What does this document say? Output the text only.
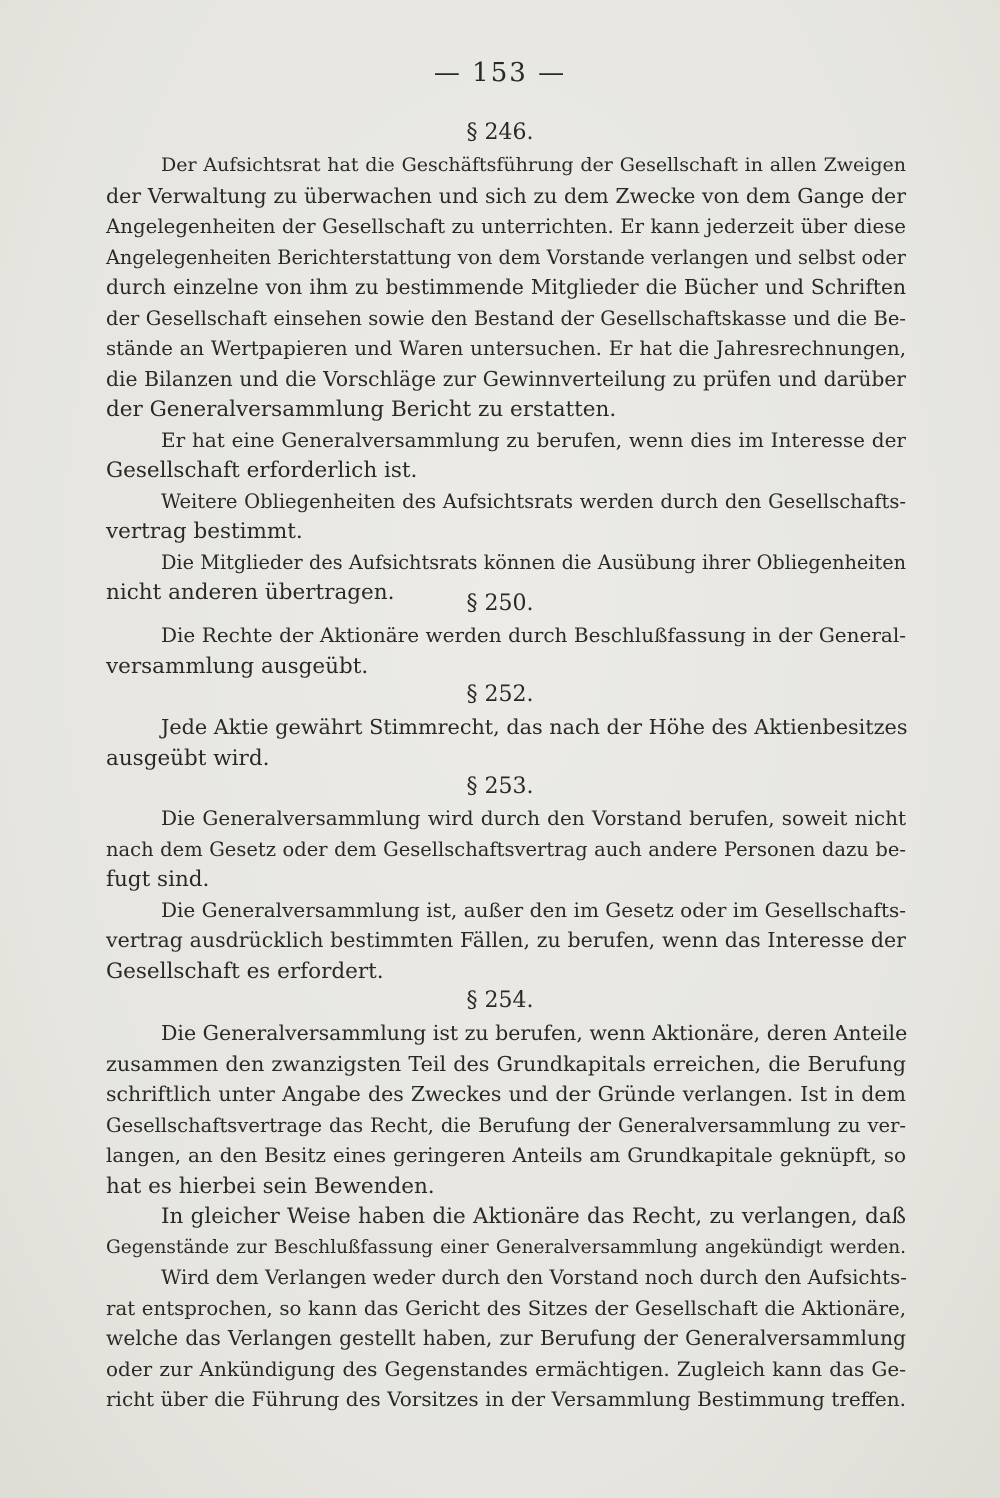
— 153 —
§ 246.
Der Aufsichtsrat hat die Geschäftsführung der Gesellschaft in allen Zweigen
der Verwaltung zu überwachen und sich zu dem Zwecke von dem Gange der
Angelegenheiten der Gesellschaft zu unterrichten. Er kann jederzeit über diese
Angelegenheiten Berichterstattung von dem Vorstande verlangen und selbst oder
durch einzelne von ihm zu bestimmende Mitglieder die Bücher und Schriften
der Gesellschaft einsehen sowie den Bestand der Gesellschaftskasse und die Be-
stände an Wertpapieren und Waren untersuchen. Er hat die Jahresrechnungen,
die Bilanzen und die Vorschläge zur Gewinnverteilung zu prüfen und darüber
der Generalversammlung Bericht zu erstatten.
Er hat eine Generalversammlung zu berufen, wenn dies im Interesse der
Gesellschaft erforderlich ist.
Weitere Obliegenheiten des Aufsichtsrats werden durch den Gesellschafts-
vertrag bestimmt.
Die Mitglieder des Aufsichtsrats können die Ausübung ihrer Obliegenheiten
nicht anderen übertragen.	§ 250.
Die Rechte der Aktionäre werden durch Beschlußfassung in der General-
versammlung ausgeübt.
§ 252.
Jede Aktie gewährt Stimmrecht, das nach der Höhe des Aktienbesitzes
ausgeübt wird.
§ 253.
Die Generalversammlung wird durch den Vorstand berufen, soweit nicht
nach dem Gesetz oder dem Gesellschaftsvertrag auch andere Personen dazu be-
fugt sind.
Die Generalversammlung ist, außer den im Gesetz oder im Gesellschafts-
vertrag ausdrücklich bestimmten Fällen, zu berufen, wenn das Interesse der
Gesellschaft es erfordert.
§ 254.
Die Generalversammlung ist zu berufen, wenn Aktionäre, deren Anteile
zusammen den zwanzigsten Teil des Grundkapitals erreichen, die Berufung
schriftlich unter Angabe des Zweckes und der Gründe verlangen. Ist in dem
Gesellschaftsvertrage das Recht, die Berufung der Generalversammlung zu ver-
langen, an den Besitz eines geringeren Anteils am Grundkapitale geknüpft, so
hat es hierbei sein Bewenden.
In gleicher Weise haben die Aktionäre das Recht, zu verlangen, daß
Gegenstände zur Beschlußfassung einer Generalversammlung angekündigt werden.
Wird dem Verlangen weder durch den Vorstand noch durch den Aufsichts-
rat entsprochen, so kann das Gericht des Sitzes der Gesellschaft die Aktionäre,
welche das Verlangen gestellt haben, zur Berufung der Generalversammlung
oder zur Ankündigung des Gegenstandes ermächtigen. Zugleich kann das Ge-
richt über die Führung des Vorsitzes in der Versammlung Bestimmung treffen.
